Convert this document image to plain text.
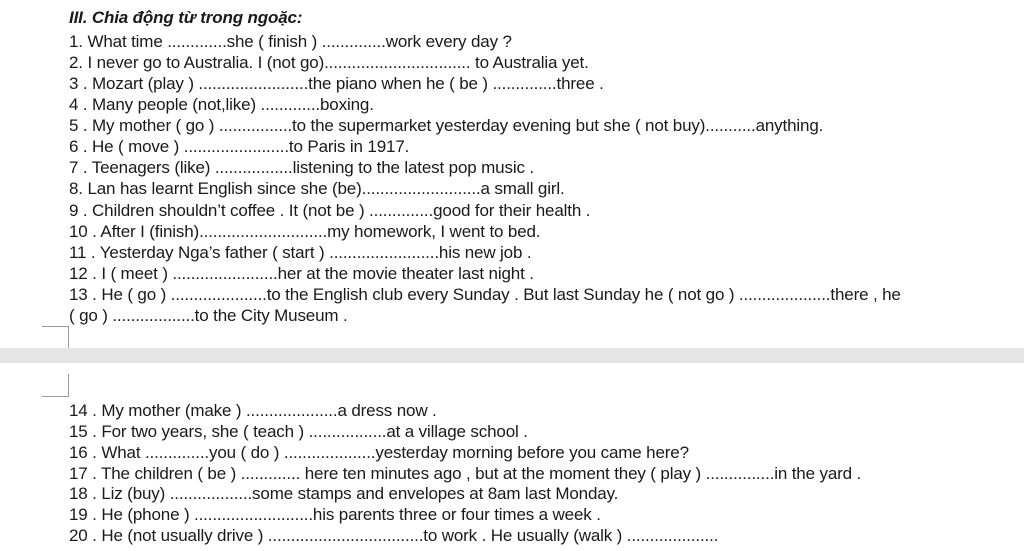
III. Chia động từ trong ngoặc:
1. What time .............she ( finish ) ..............work every day ?
2. I never go to Australia. I (not go)................................ to Australia yet.
3 . Mozart (play ) ........................the piano when he ( be ) ..............three .
4 . Many people (not,like) .............boxing.
5 . My mother ( go ) ................to the supermarket yesterday evening but she ( not buy)...........anything.
6 . He ( move ) .......................to Paris in 1917.
7 . Teenagers (like) .................listening to the latest pop music .
8. Lan has learnt English since she (be)..........................a small girl.
9 . Children shouldn’t coffee . It (not be ) ..............good for their health .
10 . After I (finish)............................my homework, I went to bed.
11 . Yesterday Nga’s father ( start ) ........................his new job .
12 . I ( meet ) .......................her at the movie theater last night .
13 . He ( go ) .....................to the English club every Sunday . But last Sunday he ( not go ) ....................there , he
( go ) ..................to the City Museum .
14 . My mother (make ) ....................a dress now .
15 . For two years, she ( teach ) .................at a village school .
16 . What ..............you ( do ) ....................yesterday morning before you came here?
17 . The children ( be ) ............. here ten minutes ago , but at the moment they ( play ) ...............in the yard .
18 . Liz (buy) ..................some stamps and envelopes at 8am last Monday.
19 . He (phone ) ..........................his parents three or four times a week .
20 . He (not usually drive ) ..................................to work . He usually (walk ) ....................
